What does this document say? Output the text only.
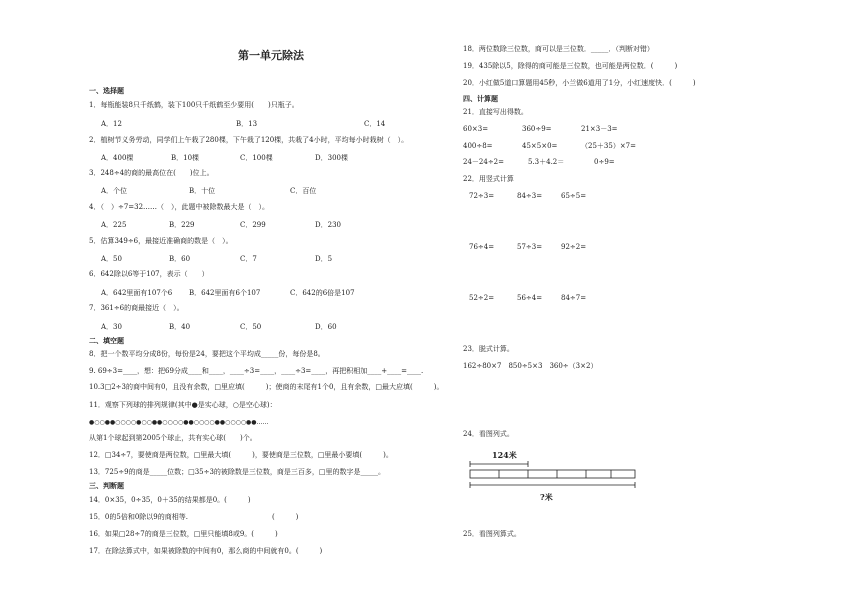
第一单元除法
一、选择题
1．每瓶能装8只千纸鹤，装下100只千纸鹤至少要用(　　)只瓶子。
A．12	B．13	C．14
2．植树节义务劳动，同学们上午栽了280棵，下午栽了120棵，共栽了4小时，平均每小时栽树（　）。
A．400棵	B．10棵	C．100棵	D．300棵
3．248÷4的商的最高位在(　　)位上。
A．个位	B．十位	C．百位
4．（　）÷7=32……（　），此题中被除数最大是（　）。
A．225	B．229	C．299	D．230
5．估算349÷6，最接近准确商的数是（　）。
A．50	B．60	C．7	D．5
6．642除以6等于107，表示（　　）
A．642里面有107个6 B．642里面有6个107	C．642的6倍是107
7．361÷6的商最接近（　）。
A．30	B．40	C．50	D．60
二、填空题
8．把一个数平均分成8份，每份是24，要把这个平均成_____份，每份是8。
9. 69÷3=____，想：把69分成____和____，____÷3=____，____÷3=____，再把积相加____+____=____.
10.3□2÷3的商中间有0，且没有余数，□里应填(　　　)；使商的末尾有1个0，且有余数，□最大应填(　　　)。
11．观察下列球的排列规律(其中●是实心球，○是空心球)：
●○○●●○○○○●○○●●○○○○●●○○○○●●○○○○●●……
从第1个球起到第2005个球止，共有实心球(　　)个。
12．□34÷7，要使商是两位数，□里最大填(　　　)，要使商是三位数，□里最小要填(　　　)。
13．725÷9的商是_____位数；□35÷3的被除数是三位数，商是三百多，□里的数字是_____。
三、判断题
14．0×35，0÷35，0＋35的结果都是0。(　　　)
15．0的5倍和0除以9的商相等.　　　　　　　　　　　　(　　　)
16．如果□28÷7的商是三位数，□里只能填8或9。(　　　)
17．在除法算式中，如果被除数的中间有0，那么商的中间就有0。(　　　)
18．两位数除三位数，商可以是三位数．_____．（判断对错）
19．435除以5，除得的商可能是三位数，也可能是两位数．(　　　)
20．小红做5道口算题用45秒，小兰做6道用了1分，小红速度快．(　　　)
四、计算题
21．直接写出得数。
60×3=	360÷9=	21×3－3=
400÷8=	45×5×0=	（25＋35）×7=
24－24÷2=	5.3＋4.2＝	0÷9=
22．用竖式计算
72÷3=	84÷3=	65÷5=
76÷4=	57÷3=	92÷2=
52÷2=	56÷4=	84÷7=
23．脱式计算。
162÷80×7　850÷5×3　360÷（3×2）
24．看图列式。
124米
?米
25．看图列算式。
